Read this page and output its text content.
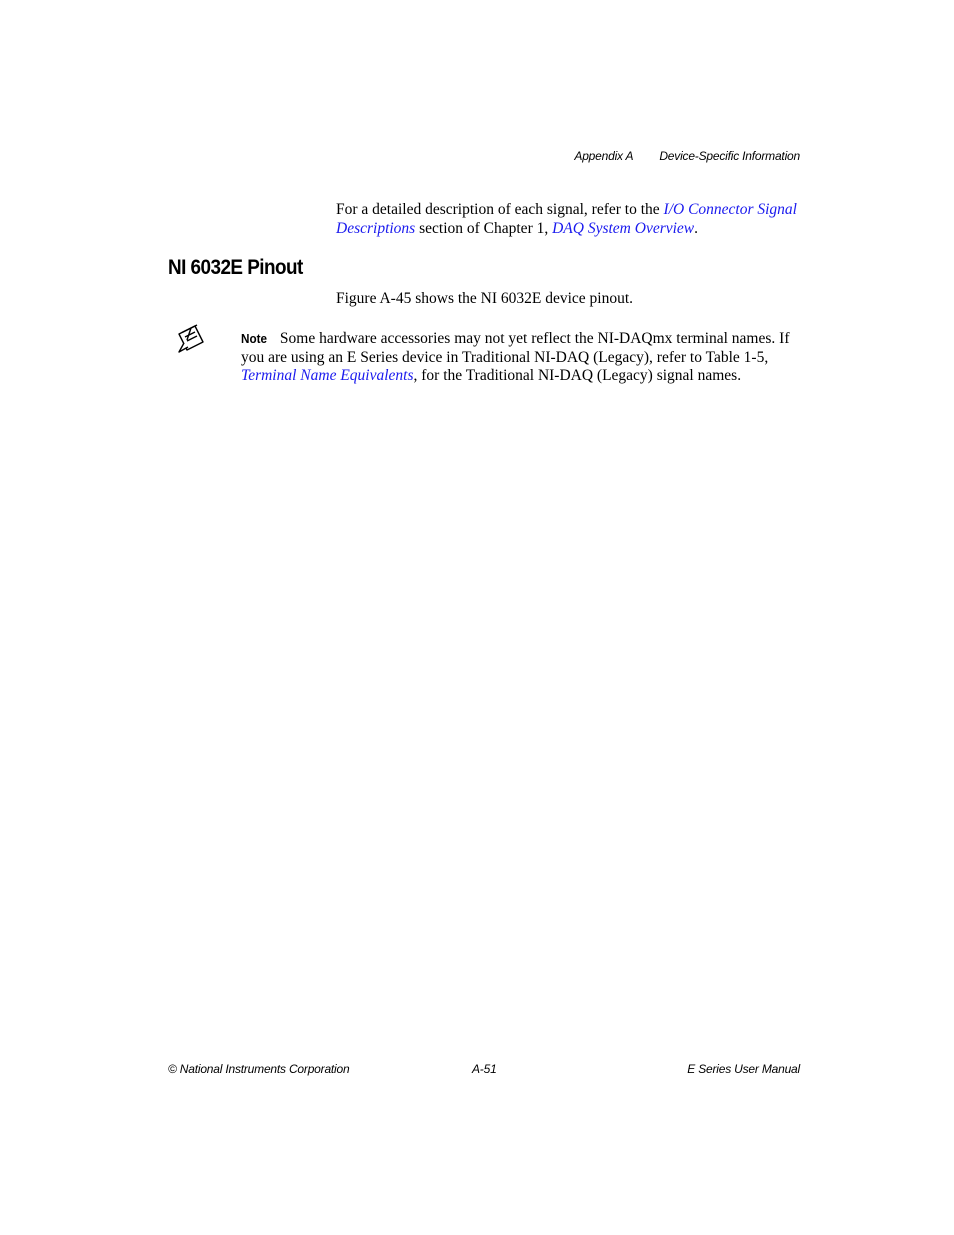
Appendix A Device-Specific Information

For a detailed description of each signal, refer to the I/O Connector Signal Descriptions section of Chapter 1, DAQ System Overview.

NI 6032E Pinout

Figure A-45 shows the NI 6032E device pinout.

Note Some hardware accessories may not yet reflect the NI-DAQmx terminal names. If you are using an E Series device in Traditional NI-DAQ (Legacy), refer to Table 1-5, Terminal Name Equivalents, for the Traditional NI-DAQ (Legacy) signal names.

© National Instruments Corporation	A-51	E Series User Manual
